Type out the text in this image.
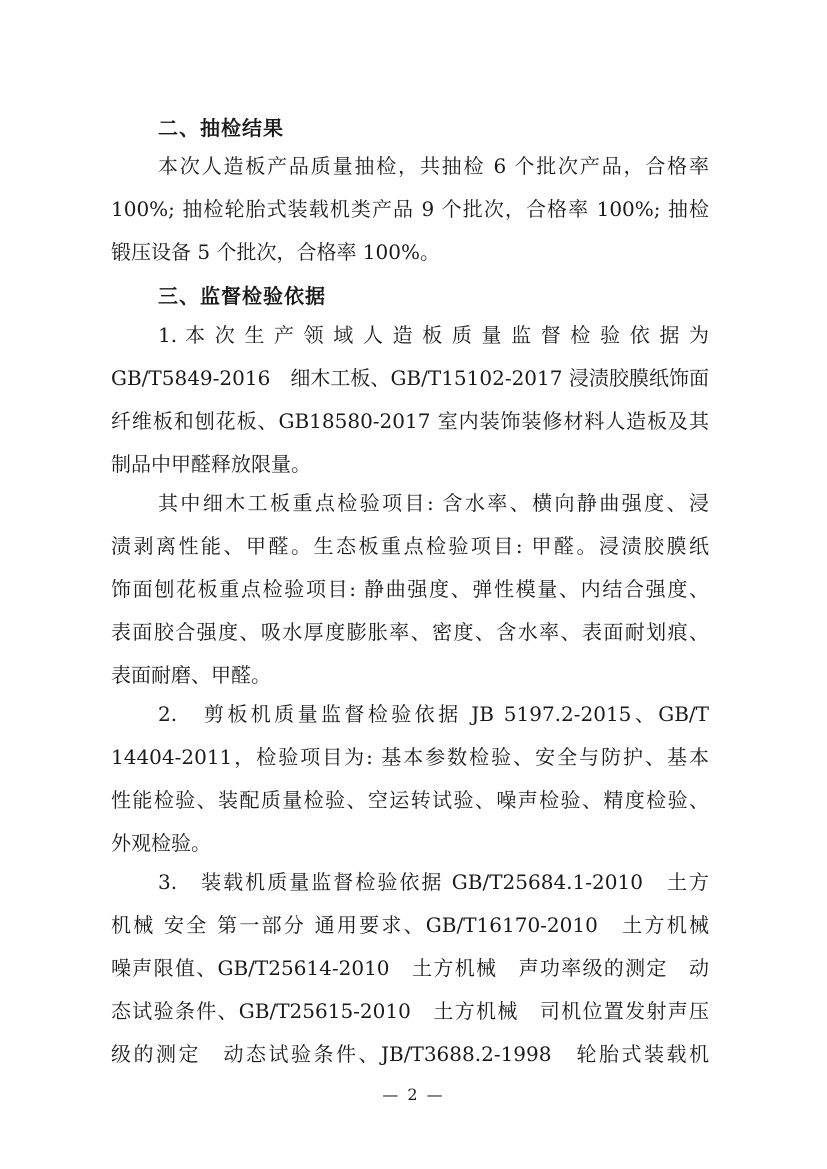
二、抽检结果
本次人造板产品质量抽检，共抽检 6 个批次产品，合格率
100%; 抽检轮胎式装载机类产品 9 个批次，合格率 100%; 抽检
锻压设备 5 个批次，合格率 100%。
三、监督检验依据
1. 本 次 生 产 领 域 人 造 板 质 量 监 督 检 验 依 据 为
GB/T5849-2016　细木工板、GB/T15102-2017 浸渍胶膜纸饰面
纤维板和刨花板、GB18580-2017 室内装饰装修材料人造板及其
制品中甲醛释放限量。
其中细木工板重点检验项目: 含水率、横向静曲强度、浸
渍剥离性能、甲醛。生态板重点检验项目: 甲醛。浸渍胶膜纸
饰面刨花板重点检验项目: 静曲强度、弹性模量、内结合强度、
表面胶合强度、吸水厚度膨胀率、密度、含水率、表面耐划痕、
表面耐磨、甲醛。
2.　剪板机质量监督检验依据 JB 5197.2-2015、GB/T
14404-2011，检验项目为: 基本参数检验、安全与防护、基本
性能检验、装配质量检验、空运转试验、噪声检验、精度检验、
外观检验。
3.　装载机质量监督检验依据 GB/T25684.1-2010　土方
机械 安全 第一部分 通用要求、GB/T16170-2010　土方机械
噪声限值、GB/T25614-2010　土方机械　声功率级的测定　动
态试验条件、GB/T25615-2010　土方机械　司机位置发射声压
级的测定　动态试验条件、JB/T3688.2-1998　轮胎式装载机
— 2 —
